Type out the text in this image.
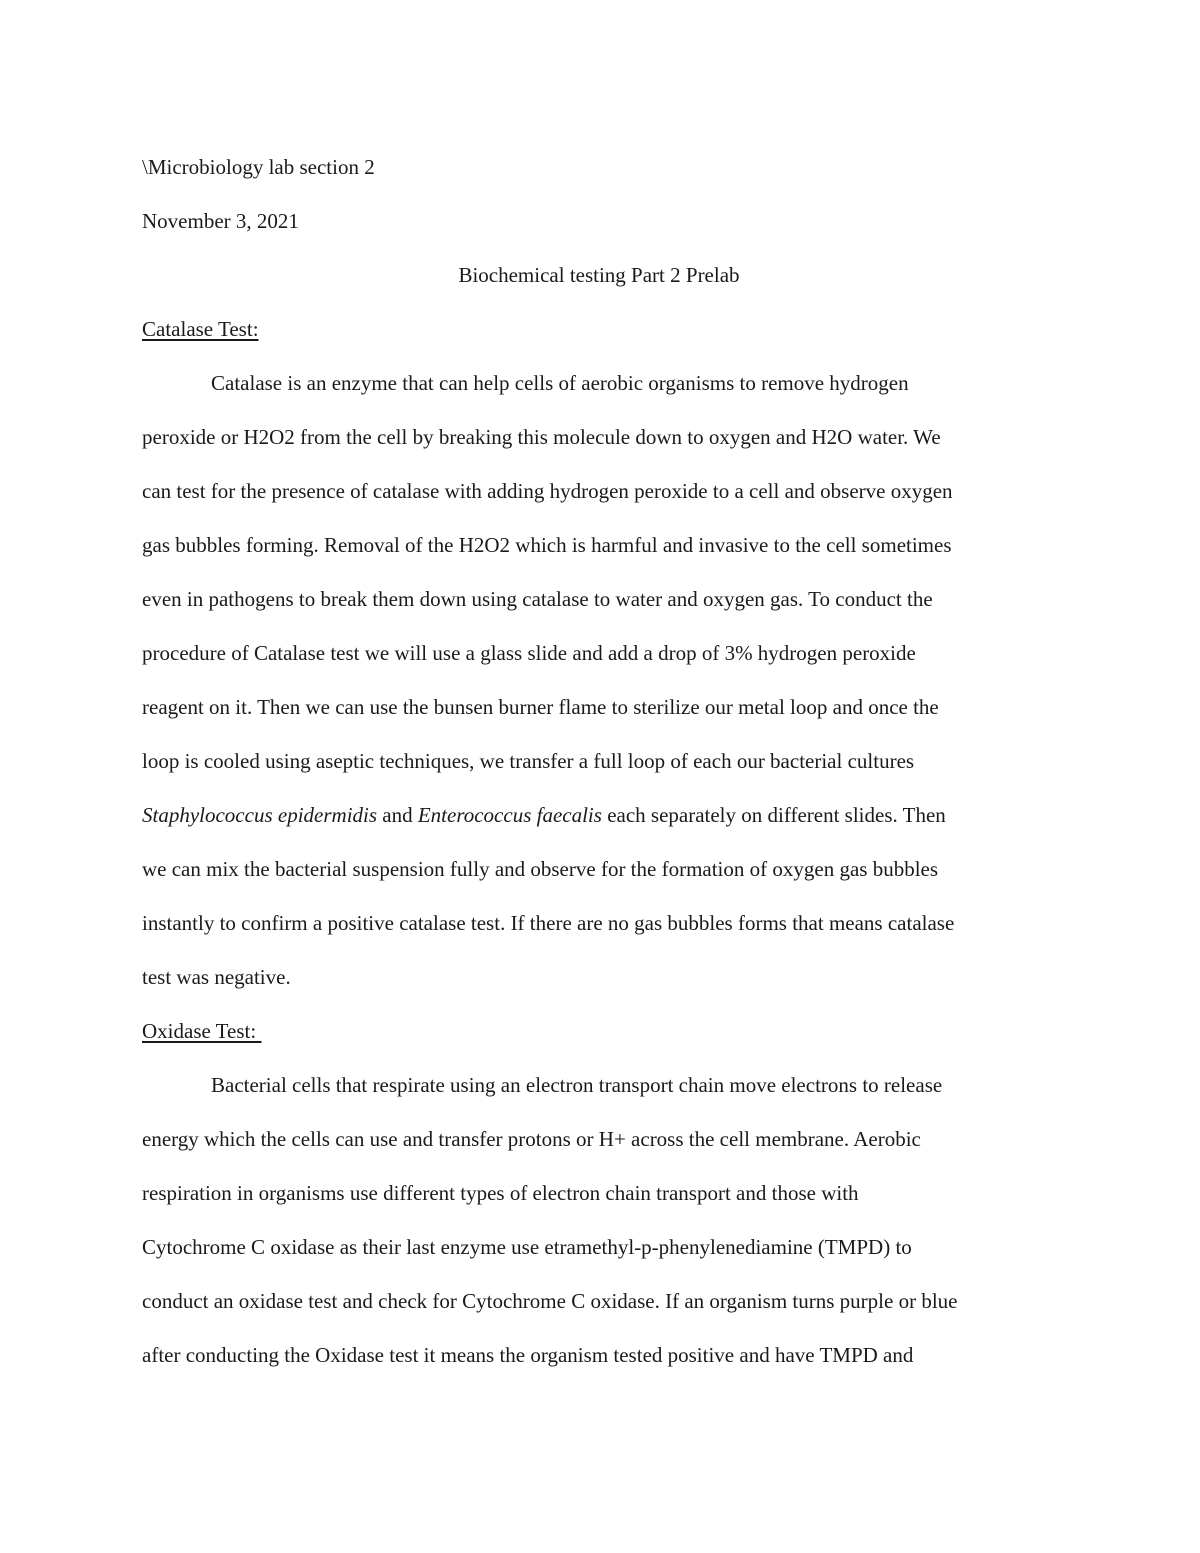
\Microbiology lab section 2

November 3, 2021

Biochemical testing Part 2 Prelab

Catalase Test:

Catalase is an enzyme that can help cells of aerobic organisms to remove hydrogen

peroxide or H2O2 from the cell by breaking this molecule down to oxygen and H2O water. We

can test for the presence of catalase with adding hydrogen peroxide to a cell and observe oxygen

gas bubbles forming. Removal of the H2O2 which is harmful and invasive to the cell sometimes

even in pathogens to break them down using catalase to water and oxygen gas. To conduct the

procedure of Catalase test we will use a glass slide and add a drop of 3% hydrogen peroxide

reagent on it. Then we can use the bunsen burner flame to sterilize our metal loop and once the

loop is cooled using aseptic techniques, we transfer a full loop of each our bacterial cultures

Staphylococcus epidermidis and Enterococcus faecalis each separately on different slides. Then

we can mix the bacterial suspension fully and observe for the formation of oxygen gas bubbles

instantly to confirm a positive catalase test. If there are no gas bubbles forms that means catalase

test was negative.

Oxidase Test:

Bacterial cells that respirate using an electron transport chain move electrons to release

energy which the cells can use and transfer protons or H+ across the cell membrane. Aerobic

respiration in organisms use different types of electron chain transport and those with

Cytochrome C oxidase as their last enzyme use etramethyl-p-phenylenediamine (TMPD) to

conduct an oxidase test and check for Cytochrome C oxidase. If an organism turns purple or blue

after conducting the Oxidase test it means the organism tested positive and have TMPD and
